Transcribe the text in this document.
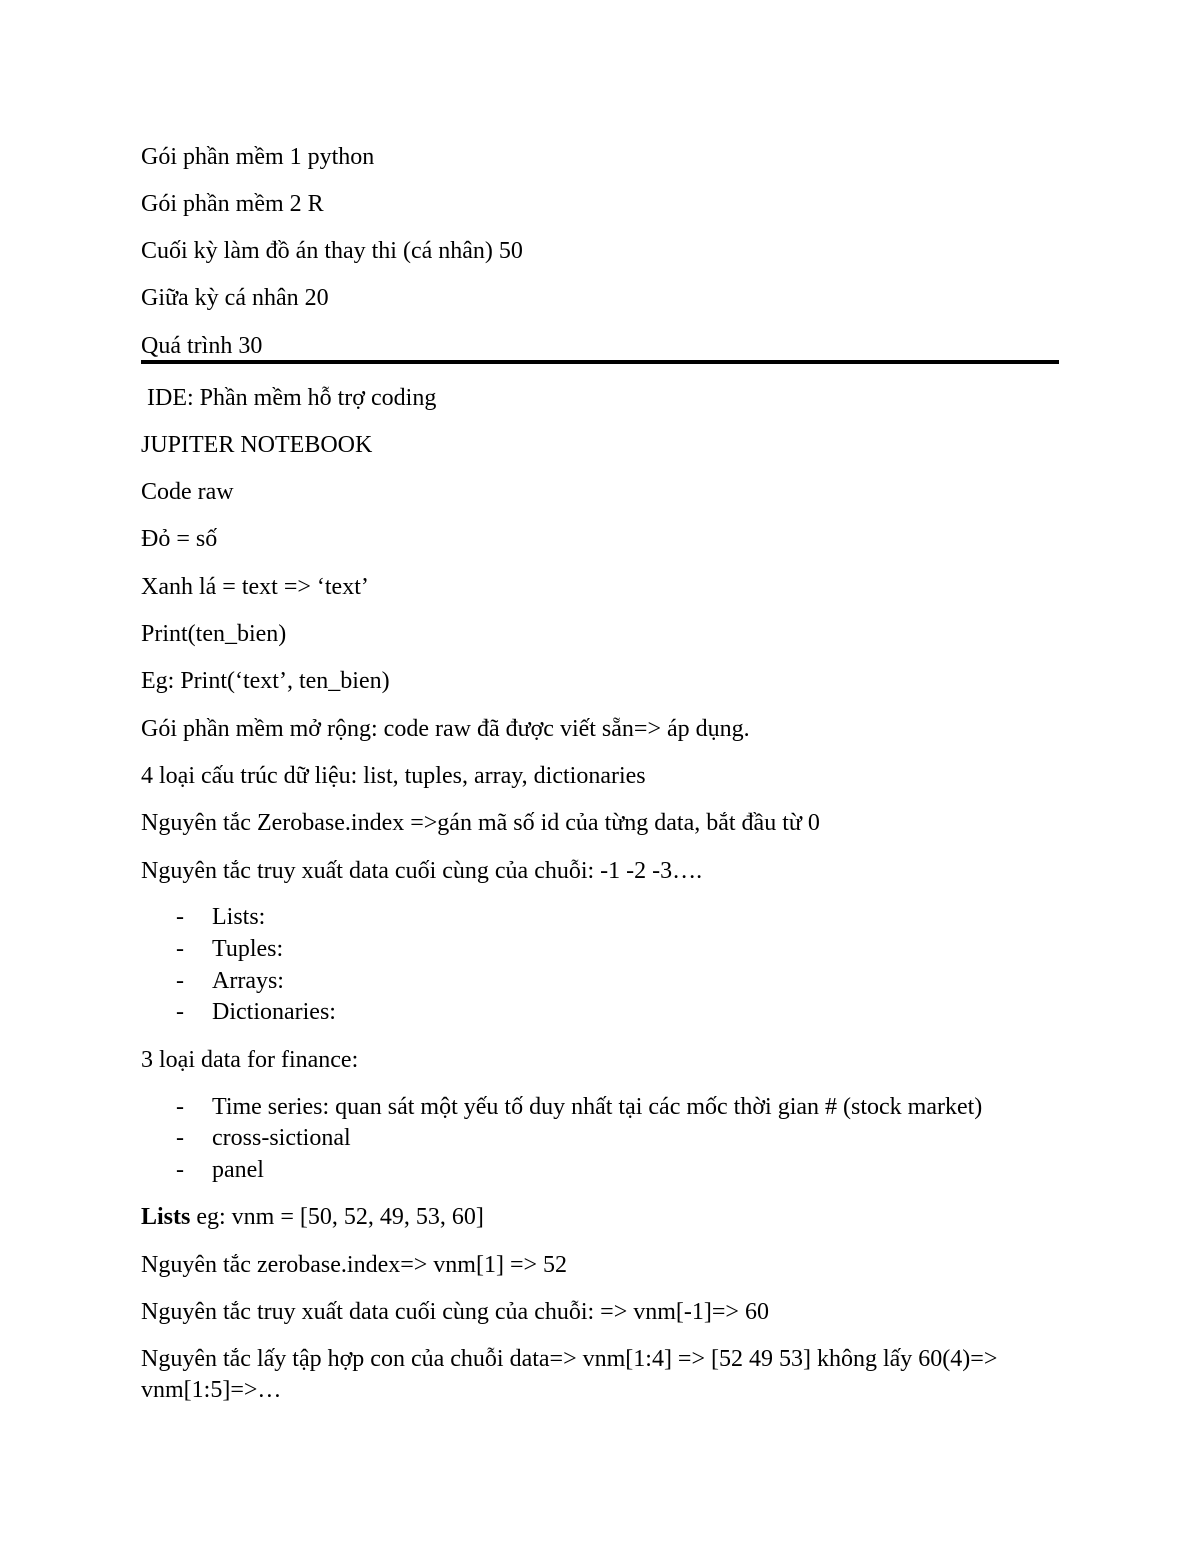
Gói phần mềm 1 python
Gói phần mềm 2 R
Cuối kỳ làm đồ án thay thi (cá nhân) 50
Giữa kỳ cá nhân 20
Quá trình 30
IDE: Phần mềm hỗ trợ coding
JUPITER NOTEBOOK
Code raw
Đỏ = số
Xanh lá = text => ‘text’
Print(ten_bien)
Eg: Print(‘text’, ten_bien)
Gói phần mềm mở rộng: code raw đã được viết sẵn=> áp dụng.
4 loại cấu trúc dữ liệu: list, tuples, array, dictionaries
Nguyên tắc Zerobase.index =>gán mã số id của từng data, bắt đầu từ 0
Nguyên tắc truy xuất data cuối cùng của chuỗi: -1 -2 -3….
- Lists:
- Tuples:
- Arrays:
- Dictionaries:
3 loại data for finance:
- Time series: quan sát một yếu tố duy nhất tại các mốc thời gian # (stock market)
- cross-sictional
- panel
Lists eg: vnm = [50, 52, 49, 53, 60]
Nguyên tắc zerobase.index=> vnm[1] => 52
Nguyên tắc truy xuất data cuối cùng của chuỗi: => vnm[-1]=> 60
Nguyên tắc lấy tập hợp con của chuỗi data=> vnm[1:4] => [52 49 53] không lấy 60(4)=>
vnm[1:5]=>…
